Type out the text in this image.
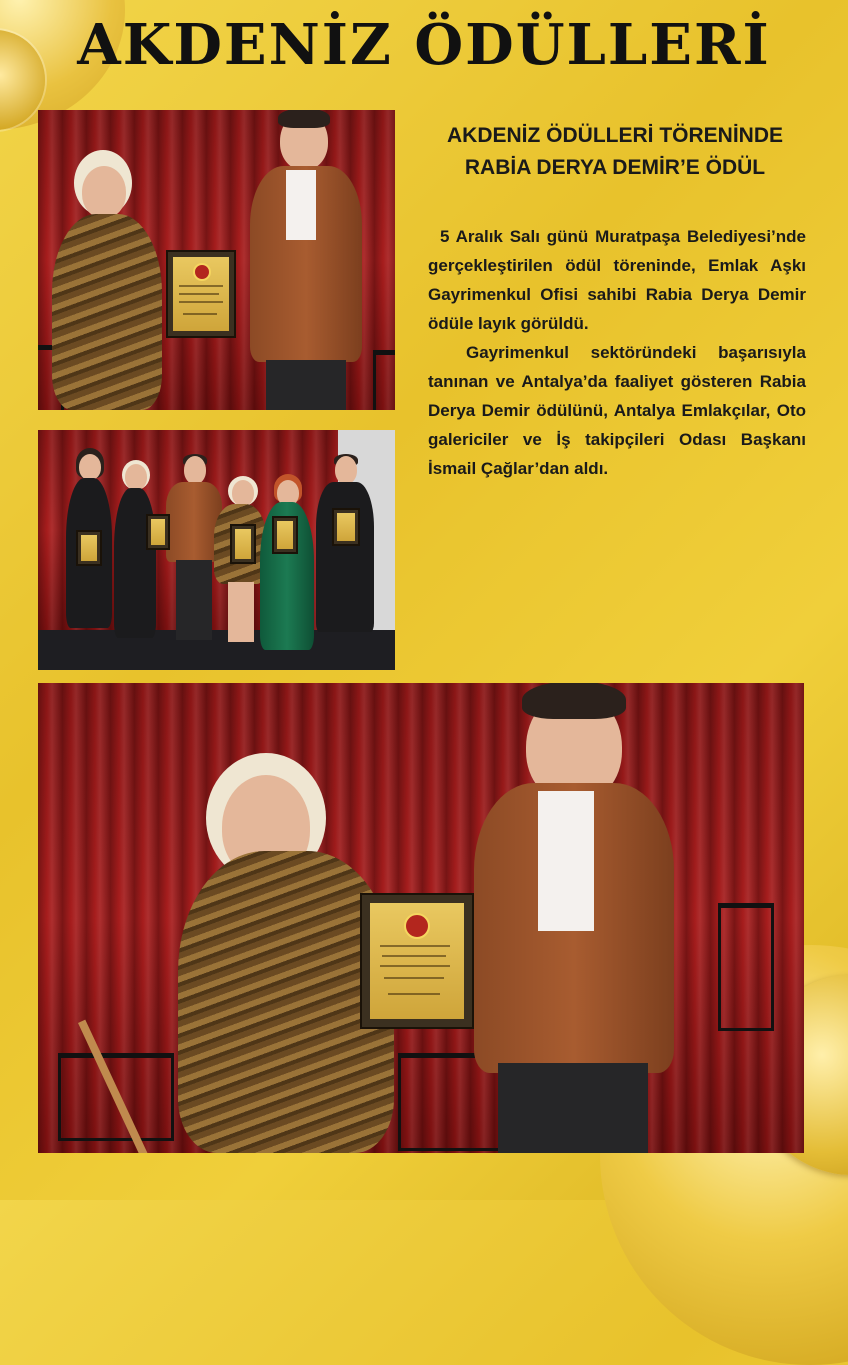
AKDENİZ ÖDÜLLERİ
AKDENİZ ÖDÜLLERİ TÖRENİNDE
RABİA DERYA DEMİR’E ÖDÜL

5 Aralık Salı günü Muratpaşa Belediyesi’nde gerçekleştirilen ödül töreninde, Emlak Aşkı Gayrimenkul Ofisi sahibi Rabia Derya Demir ödüle layık görüldü.

Gayrimenkul sektöründeki başarısıyla tanınan ve Antalya’da faaliyet gösteren Rabia Derya Demir ödülünü, Antalya Emlakçılar, Oto galericiler ve İş takipçileri Odası Başkanı İsmail Çağlar’dan aldı.
